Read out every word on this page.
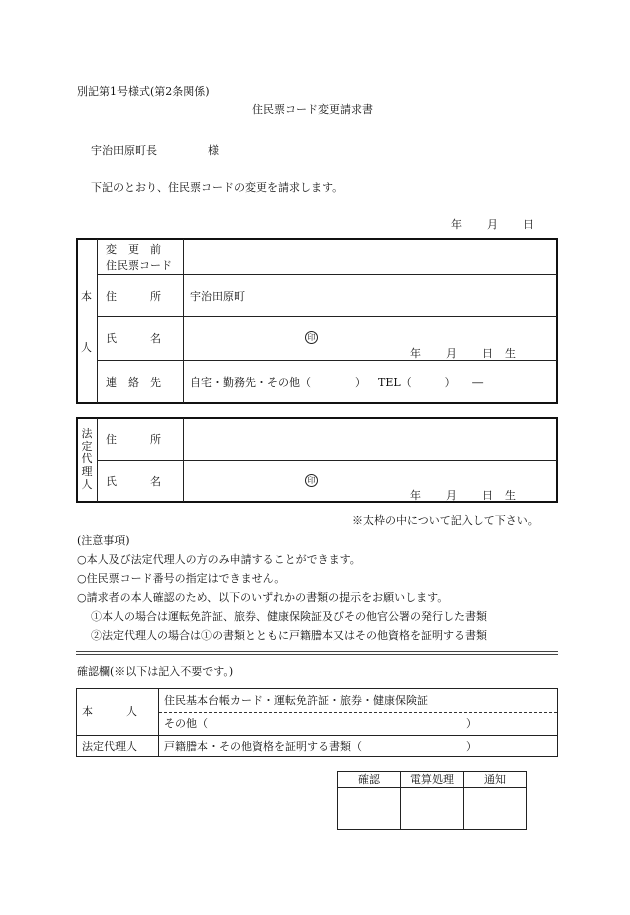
別記第1号様式(第2条関係)
住民票コード変更請求書
宇治田原町長	様
下記のとおり、住民票コードの変更を請求します。
年 月 日
本
人
変　更　前
住民票コード
住　　　所	宇治田原町
氏　　　名	印
年 月 日 生
連　絡　先	自宅・勤務先・その他（　　　　） TEL（　　　）　　―
法定代理人
住　　　所
氏　　　名	印
年 月 日 生
※太枠の中について記入して下さい。
(注意事項)
○本人及び法定代理人の方のみ申請することができます。
○住民票コード番号の指定はできません。
○請求者の本人確認のため、以下のいずれかの書類の提示をお願いします。
①本人の場合は運転免許証、旅券、健康保険証及びその他官公署の発行した書類
②法定代理人の場合は①の書類とともに戸籍謄本又はその他資格を証明する書類
確認欄(※以下は記入不要です。)
本　　　人
住民基本台帳カード・運転免許証・旅券・健康保険証
その他（	）
法定代理人 戸籍謄本・その他資格を証明する書類（	）
確認	電算処理	通知
